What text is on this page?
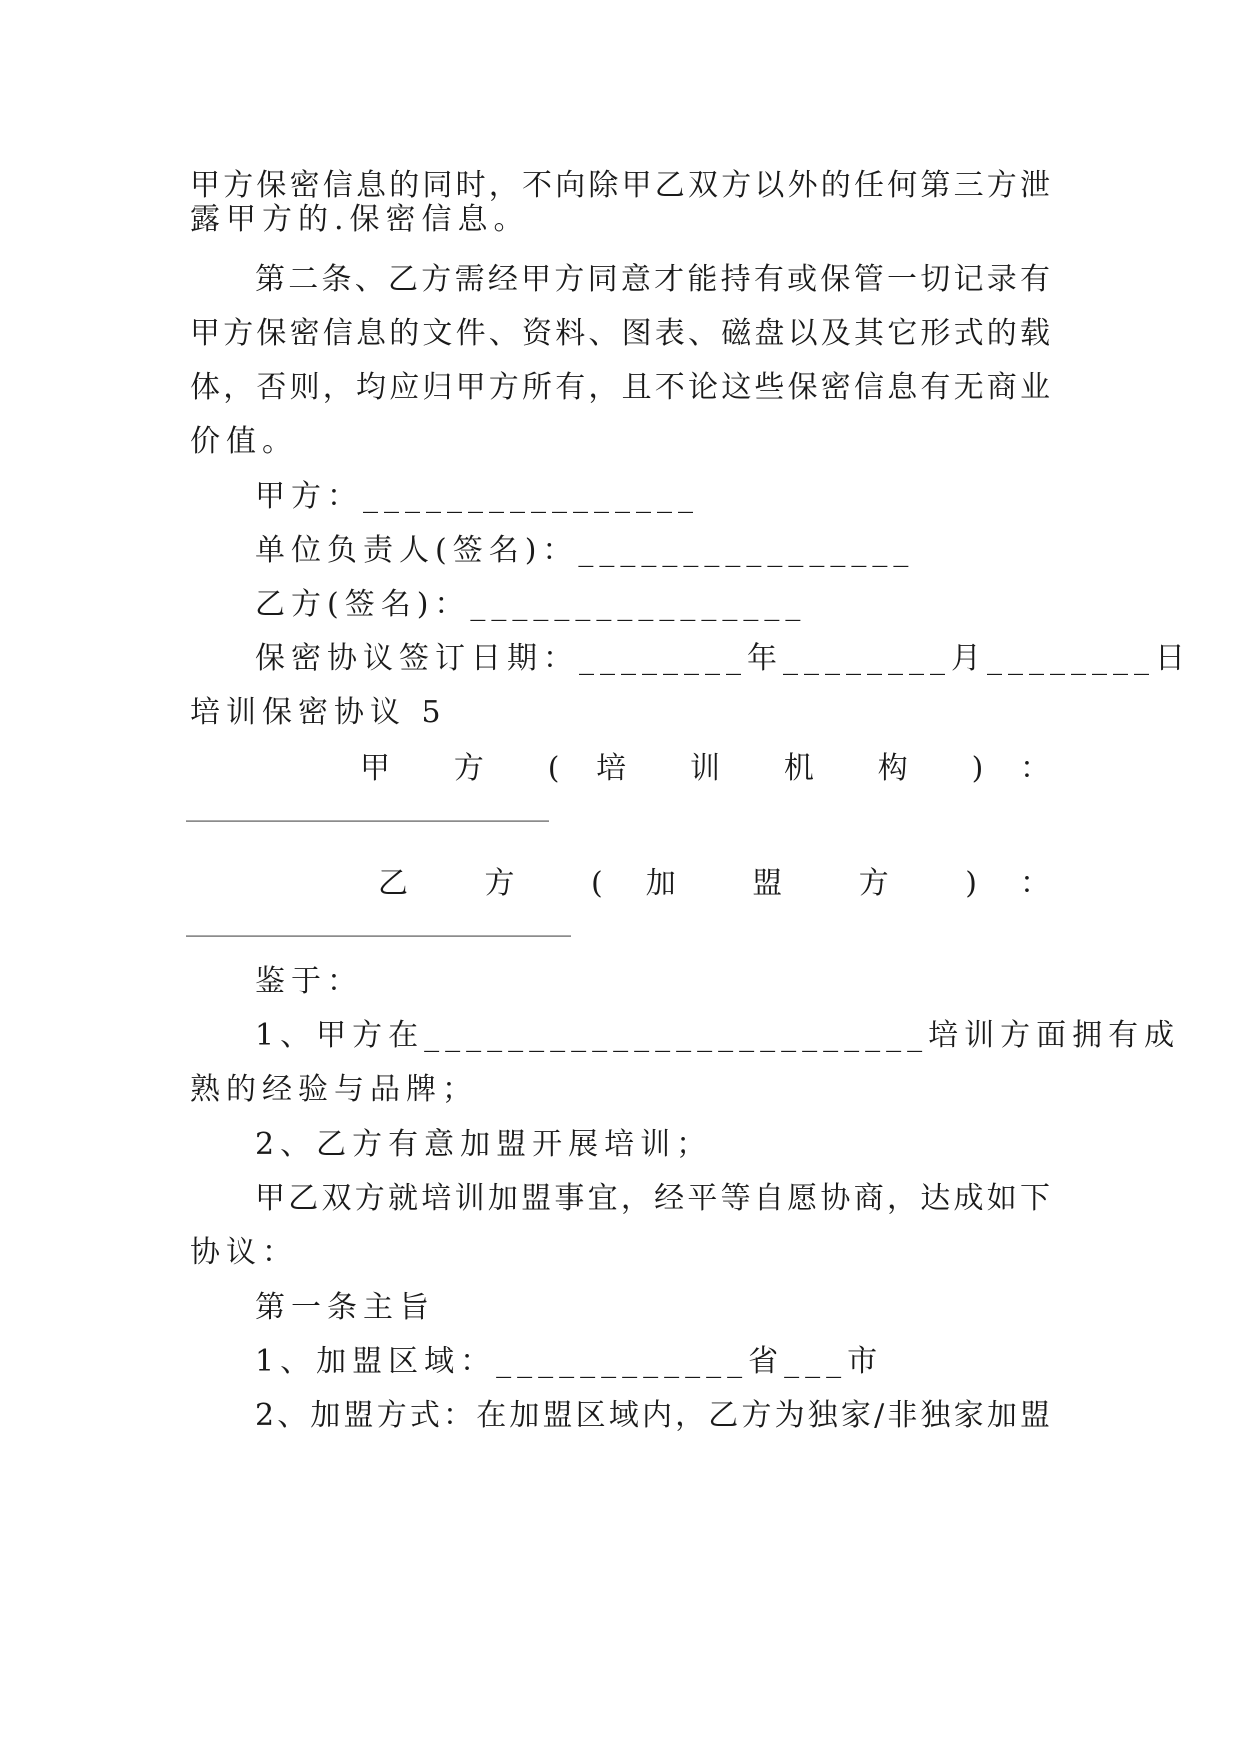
甲方保密信息的同时，不向除甲乙双方以外的任何第三方泄

露甲方的.保密信息。

第二条、乙方需经甲方同意才能持有或保管一切记录有

甲方保密信息的文件、资料、图表、磁盘以及其它形式的载

体，否则，均应归甲方所有，且不论这些保密信息有无商业

价值。

甲方：________________

单位负责人(签名)：________________

乙方(签名)：________________

保密协议签订日期：________年________月________日

培训保密协议 5

甲 方 ( 培 训 机 构 ) ：

_________________________________

乙 方 ( 加 盟 方 ) ：

___________________________________

鉴于：

1、甲方在________________________培训方面拥有成

熟的经验与品牌；

2、乙方有意加盟开展培训；

甲乙双方就培训加盟事宜，经平等自愿协商，达成如下

协议：

第一条主旨

1、加盟区域：____________省___市

2、加盟方式：在加盟区域内，乙方为独家/非独家加盟
